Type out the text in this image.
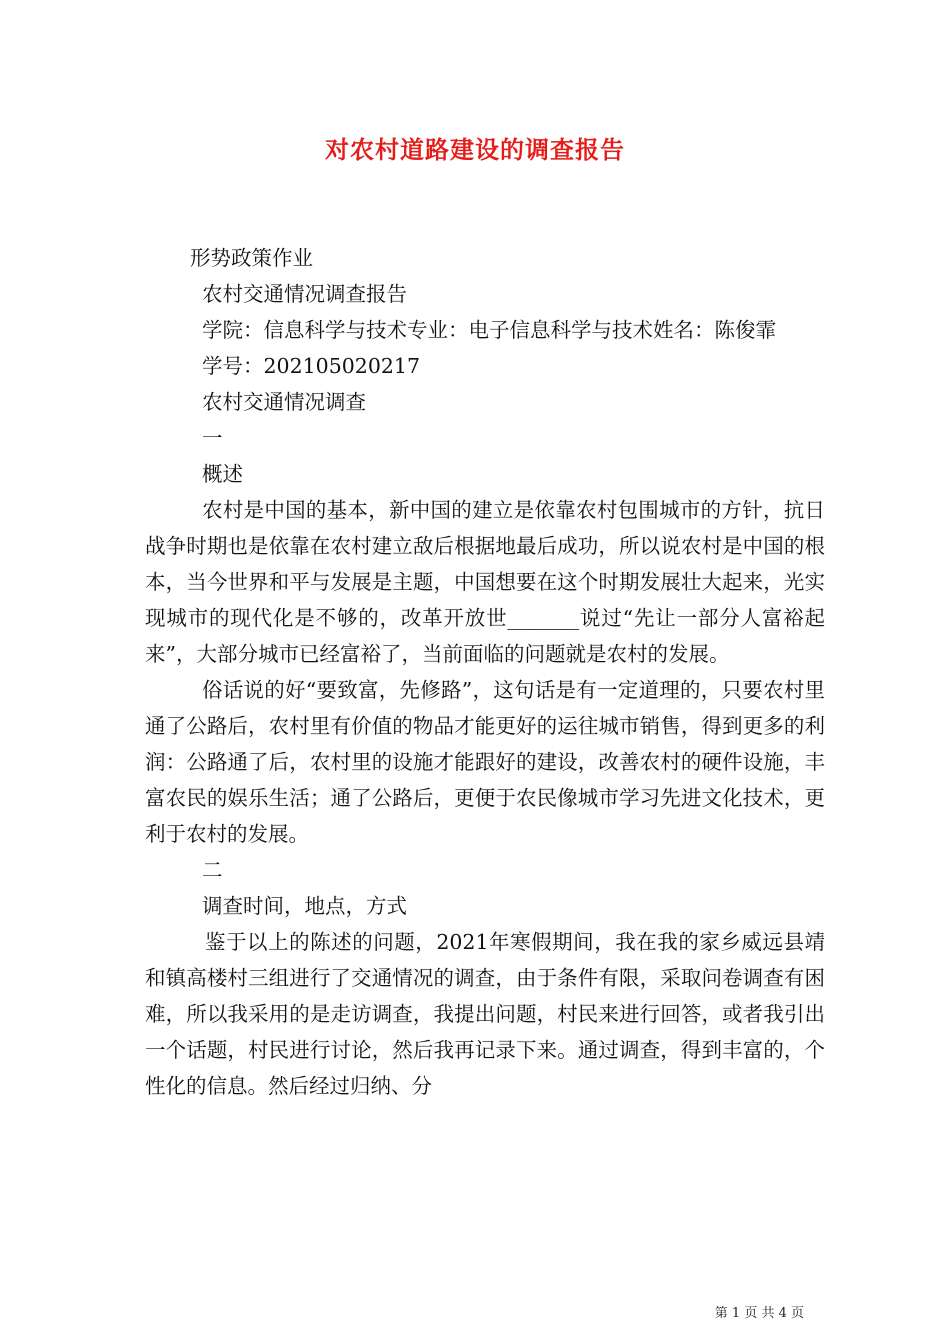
对农村道路建设的调查报告

形势政策作业

农村交通情况调查报告

学院：信息科学与技术专业：电子信息科学与技术姓名：陈俊霏

学号：202105020217

农村交通情况调查

一

概述

农村是中国的基本，新中国的建立是依靠农村包围城市的方针，抗日战争时期也是依靠在农村建立敌后根据地最后成功，所以说农村是中国的根本，当今世界和平与发展是主题，中国想要在这个时期发展壮大起来，光实现城市的现代化是不够的，改革开放世_______说过“先让一部分人富裕起来”，大部分城市已经富裕了，当前面临的问题就是农村的发展。

俗话说的好“要致富，先修路”，这句话是有一定道理的，只要农村里通了公路后，农村里有价值的物品才能更好的运往城市销售，得到更多的利润：公路通了后，农村里的设施才能跟好的建设，改善农村的硬件设施，丰富农民的娱乐生活；通了公路后，更便于农民像城市学习先进文化技术，更利于农村的发展。

二

调查时间，地点，方式

鉴于以上的陈述的问题，2021年寒假期间，我在我的家乡威远县靖和镇高楼村三组进行了交通情况的调查，由于条件有限，采取问卷调查有困难，所以我采用的是走访调查，我提出问题，村民来进行回答，或者我引出一个话题，村民进行讨论，然后我再记录下来。通过调查，得到丰富的，个性化的信息。然后经过归纳、分

第 1 页 共 4 页
